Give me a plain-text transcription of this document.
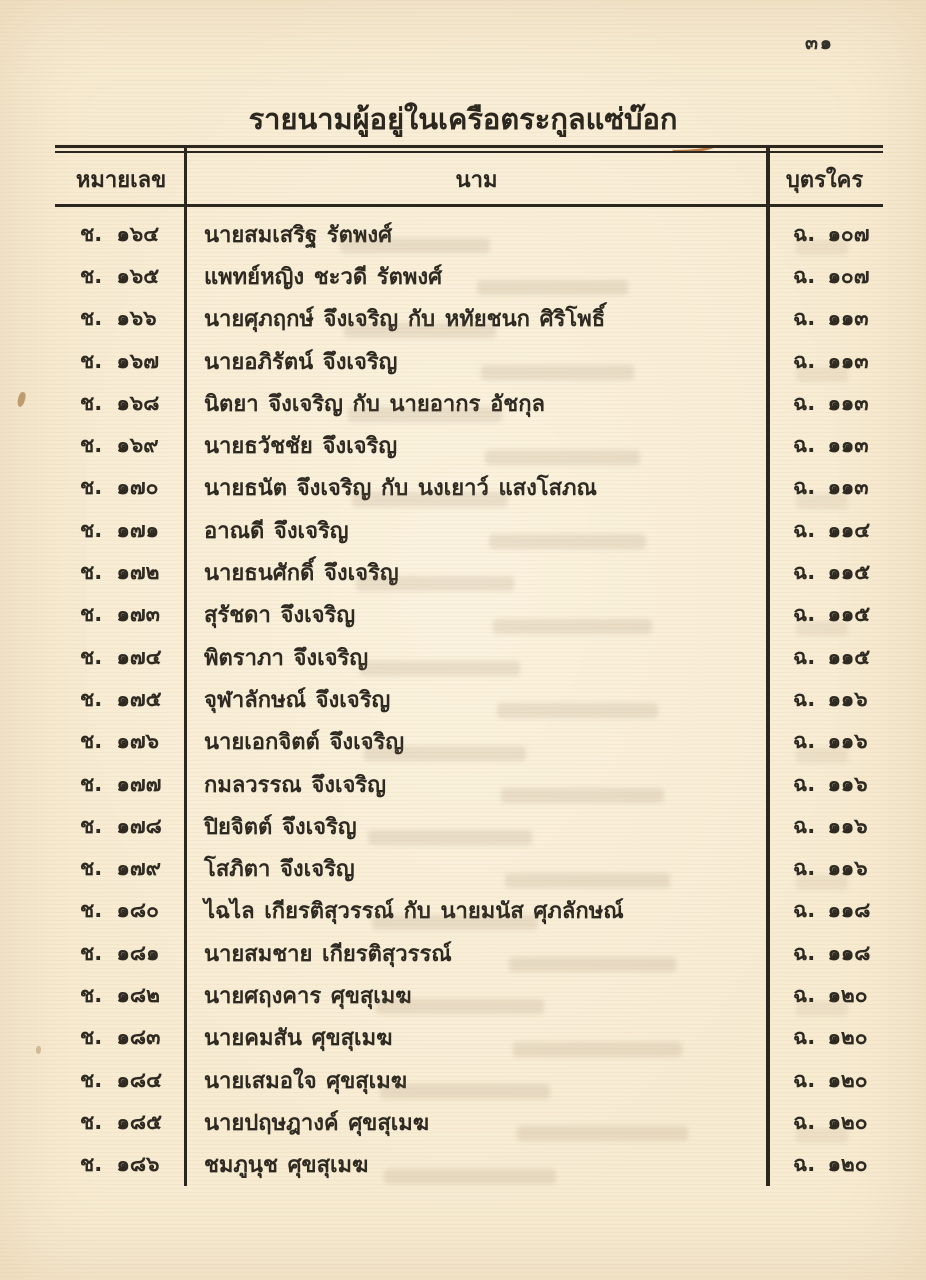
๓๑
รายนามผู้อยู่ในเครือตระกูลแซ่บ๊อก
หมายเลข	นาม	บุตรใคร
ช. ๑๖๔	นายสมเสริฐ รัตพงศ์	ฉ. ๑๐๗
ช. ๑๖๕	แพทย์หญิง ชะวดี รัตพงศ์	ฉ. ๑๐๗
ช. ๑๖๖	นายศุภฤกษ์ จึงเจริญ กับ หทัยชนก ศิริโพธิ์	ฉ. ๑๑๓
ช. ๑๖๗	นายอภิรัตน์ จึงเจริญ	ฉ. ๑๑๓
ช. ๑๖๘	นิตยา จึงเจริญ กับ นายอากร อัชกุล	ฉ. ๑๑๓
ช. ๑๖๙	นายธวัชชัย จึงเจริญ	ฉ. ๑๑๓
ช. ๑๗๐	นายธนัต จึงเจริญ กับ นงเยาว์ แสงโสภณ	ฉ. ๑๑๓
ช. ๑๗๑	อาณดี จึงเจริญ	ฉ. ๑๑๔
ช. ๑๗๒	นายธนศักดิ์ จึงเจริญ	ฉ. ๑๑๕
ช. ๑๗๓	สุรัชดา จึงเจริญ	ฉ. ๑๑๕
ช. ๑๗๔	พิตราภา จึงเจริญ	ฉ. ๑๑๕
ช. ๑๗๕	จุฬาลักษณ์ จึงเจริญ	ฉ. ๑๑๖
ช. ๑๗๖	นายเอกจิตต์ จึงเจริญ	ฉ. ๑๑๖
ช. ๑๗๗	กมลวรรณ จึงเจริญ	ฉ. ๑๑๖
ช. ๑๗๘	ปิยจิตต์ จึงเจริญ	ฉ. ๑๑๖
ช. ๑๗๙	โสภิตา จึงเจริญ	ฉ. ๑๑๖
ช. ๑๘๐	ไฉไล เกียรติสุวรรณ์ กับ นายมนัส ศุภลักษณ์	ฉ. ๑๑๘
ช. ๑๘๑	นายสมชาย เกียรติสุวรรณ์	ฉ. ๑๑๘
ช. ๑๘๒	นายศฤงคาร ศุขสุเมฆ	ฉ. ๑๒๐
ช. ๑๘๓	นายคมสัน ศุขสุเมฆ	ฉ. ๑๒๐
ช. ๑๘๔	นายเสมอใจ ศุขสุเมฆ	ฉ. ๑๒๐
ช. ๑๘๕	นายปฤษฎางค์ ศุขสุเมฆ	ฉ. ๑๒๐
ช. ๑๘๖	ชมภูนุช ศุขสุเมฆ	ฉ. ๑๒๐
